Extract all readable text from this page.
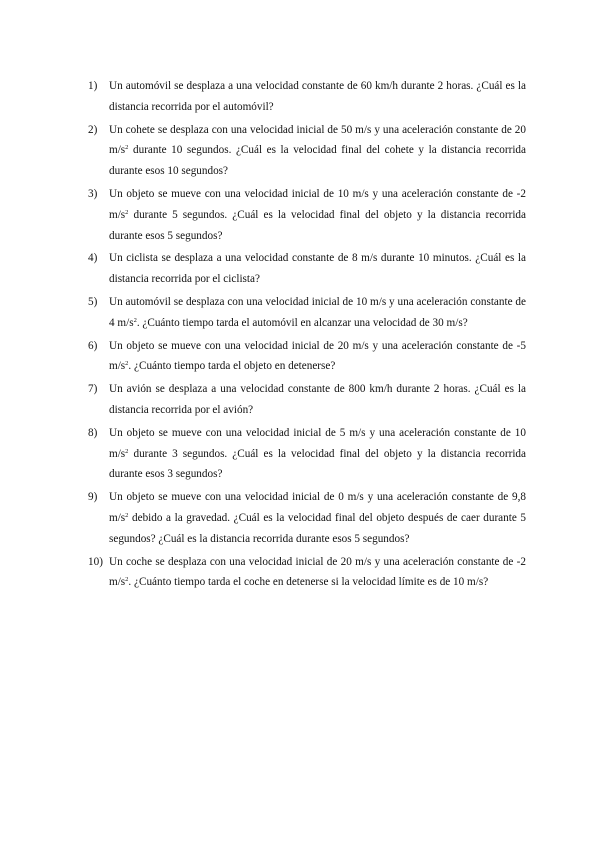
1)	Un automóvil se desplaza a una velocidad constante de 60 km/h durante 2 horas. ¿Cuál es la distancia recorrida por el automóvil?
2)	Un cohete se desplaza con una velocidad inicial de 50 m/s y una aceleración constante de 20 $m/s^2$ durante 10 segundos. ¿Cuál es la velocidad final del cohete y la distancia recorrida durante esos 10 segundos?
3)	Un objeto se mueve con una velocidad inicial de 10 m/s y una aceleración constante de -2 $m/s^2$ durante 5 segundos. ¿Cuál es la velocidad final del objeto y la distancia recorrida durante esos 5 segundos?
4)	Un ciclista se desplaza a una velocidad constante de 8 m/s durante 10 minutos. ¿Cuál es la distancia recorrida por el ciclista?
5)	Un automóvil se desplaza con una velocidad inicial de 10 m/s y una aceleración constante de 4 $m/s^2$. ¿Cuánto tiempo tarda el automóvil en alcanzar una velocidad de 30 m/s?
6)	Un objeto se mueve con una velocidad inicial de 20 m/s y una aceleración constante de -5 $m/s^2$. ¿Cuánto tiempo tarda el objeto en detenerse?
7)	Un avión se desplaza a una velocidad constante de 800 km/h durante 2 horas. ¿Cuál es la distancia recorrida por el avión?
8)	Un objeto se mueve con una velocidad inicial de 5 m/s y una aceleración constante de 10 $m/s^2$ durante 3 segundos. ¿Cuál es la velocidad final del objeto y la distancia recorrida durante esos 3 segundos?
9)	Un objeto se mueve con una velocidad inicial de 0 m/s y una aceleración constante de 9,8 $m/s^2$ debido a la gravedad. ¿Cuál es la velocidad final del objeto después de caer durante 5 segundos? ¿Cuál es la distancia recorrida durante esos 5 segundos?
10) Un coche se desplaza con una velocidad inicial de 20 m/s y una aceleración constante de -2 $m/s^2$. ¿Cuánto tiempo tarda el coche en detenerse si la velocidad límite es de 10 m/s?
